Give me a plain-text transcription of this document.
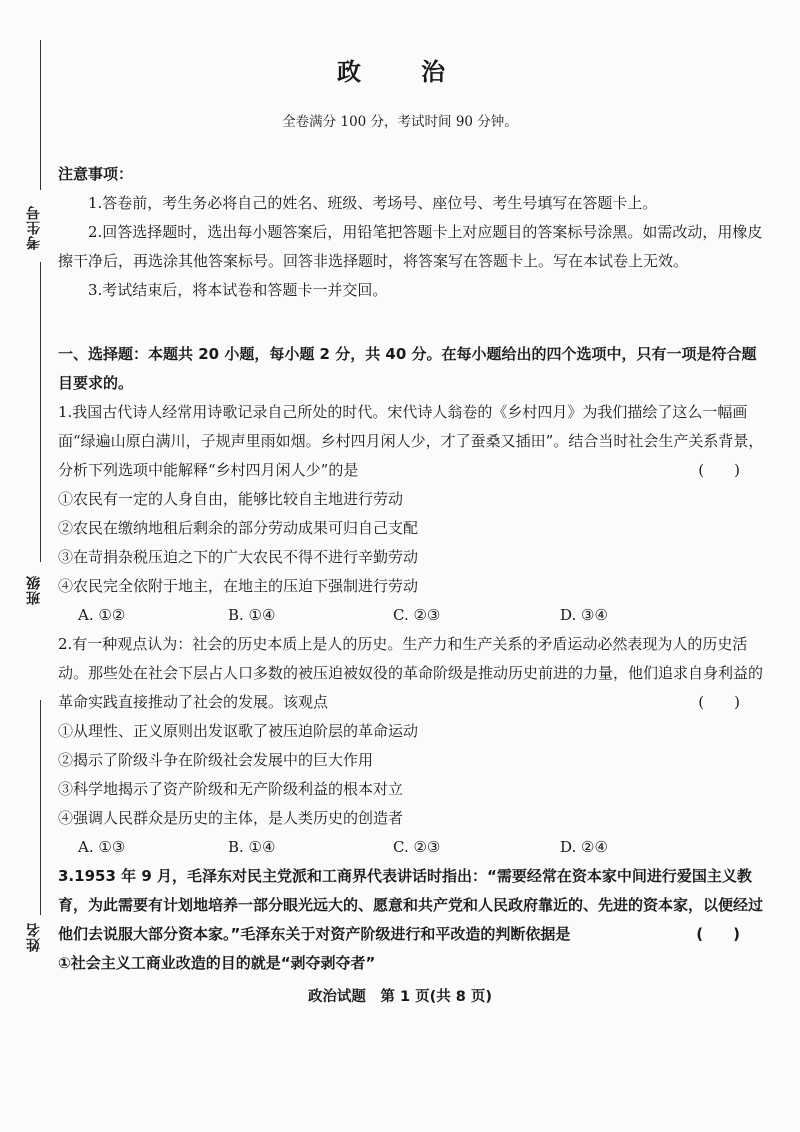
考生号
班级
姓名
政　治
全卷满分 100 分，考试时间 90 分钟。

注意事项：

1.答卷前，考生务必将自己的姓名、班级、考场号、座位号、考生号填写在答题卡上。

2.回答选择题时，选出每小题答案后，用铅笔把答题卡上对应题目的答案标号涂黑。如需改动，用橡皮擦干净后，再选涂其他答案标号。回答非选择题时，将答案写在答题卡上。写在本试卷上无效。

3.考试结束后，将本试卷和答题卡一并交回。

一、选择题：本题共 20 小题，每小题 2 分，共 40 分。在每小题给出的四个选项中，只有一项是符合题目要求的。

1.我国古代诗人经常用诗歌记录自己所处的时代。宋代诗人翁卷的《乡村四月》为我们描绘了这么一幅画面“绿遍山原白满川，子规声里雨如烟。乡村四月闲人少，才了蚕桑又插田”。结合当时社会生产关系背景，分析下列选项中能解释“乡村四月闲人少”的是	(　　)

①农民有一定的人身自由，能够比较自主地进行劳动

②农民在缴纳地租后剩余的部分劳动成果可归自己支配

③在苛捐杂税压迫之下的广大农民不得不进行辛勤劳动

④农民完全依附于地主，在地主的压迫下强制进行劳动

A. ①②	B. ①④	C. ②③	D. ③④

2.有一种观点认为：社会的历史本质上是人的历史。生产力和生产关系的矛盾运动必然表现为人的历史活动。那些处在社会下层占人口多数的被压迫被奴役的革命阶级是推动历史前进的力量，他们追求自身利益的革命实践直接推动了社会的发展。该观点	(　　)

①从理性、正义原则出发讴歌了被压迫阶层的革命运动

②揭示了阶级斗争在阶级社会发展中的巨大作用

③科学地揭示了资产阶级和无产阶级利益的根本对立

④强调人民群众是历史的主体，是人类历史的创造者

A. ①③	B. ①④	C. ②③	D. ②④

3.1953 年 9 月，毛泽东对民主党派和工商界代表讲话时指出：“需要经常在资本家中间进行爱国主义教育，为此需要有计划地培养一部分眼光远大的、愿意和共产党和人民政府靠近的、先进的资本家，以便经过他们去说服大部分资本家。”毛泽东关于对资产阶级进行和平改造的判断依据是	(　　)

①社会主义工商业改造的目的就是“剥夺剥夺者”

政治试题　第 1 页(共 8 页)
